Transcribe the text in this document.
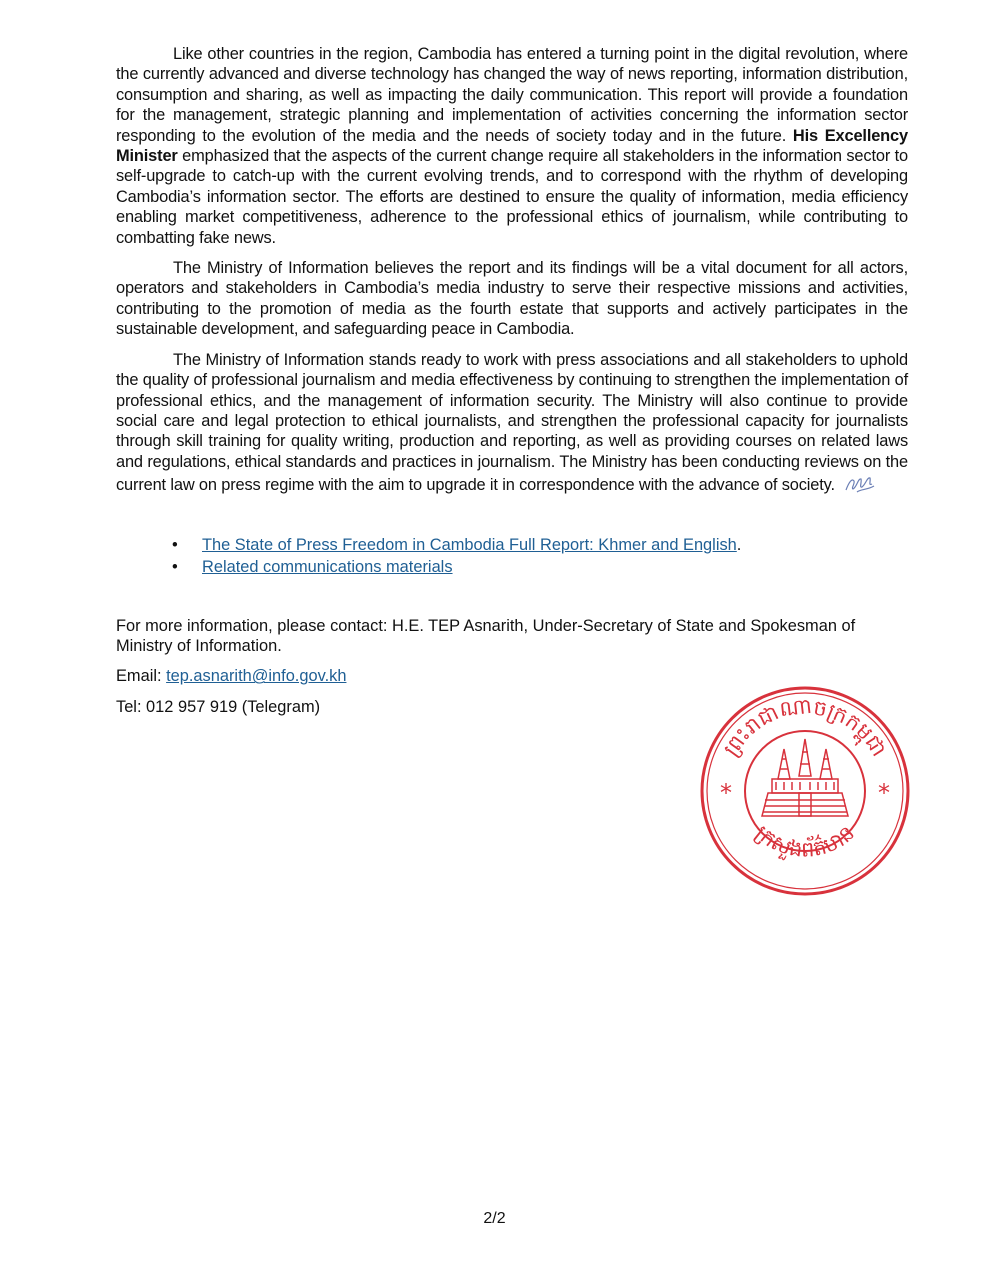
Like other countries in the region, Cambodia has entered a turning point in the digital revolution, where the currently advanced and diverse technology has changed the way of news reporting, information distribution, consumption and sharing, as well as impacting the daily communication. This report will provide a foundation for the management, strategic planning and implementation of activities concerning the information sector responding to the evolution of the media and the needs of society today and in the future. His Excellency Minister emphasized that the aspects of the current change require all stakeholders in the information sector to self-upgrade to catch-up with the current evolving trends, and to correspond with the rhythm of developing Cambodia’s information sector. The efforts are destined to ensure the quality of information, media efficiency enabling market competitiveness, adherence to the professional ethics of journalism, while contributing to combatting fake news.

The Ministry of Information believes the report and its findings will be a vital document for all actors, operators and stakeholders in Cambodia’s media industry to serve their respective missions and activities, contributing to the promotion of media as the fourth estate that supports and actively participates in the sustainable development, and safeguarding peace in Cambodia.

The Ministry of Information stands ready to work with press associations and all stakeholders to uphold the quality of professional journalism and media effectiveness by continuing to strengthen the implementation of professional ethics, and the management of information security. The Ministry will also continue to provide social care and legal protection to ethical journalists, and strengthen the professional capacity for journalists through skill training for quality writing, production and reporting, as well as providing courses on related laws and regulations, ethical standards and practices in journalism. The Ministry has been conducting reviews on the current law on press regime with the aim to upgrade it in correspondence with the advance of society.

• The State of Press Freedom in Cambodia Full Report: Khmer and English.
• Related communications materials

For more information, please contact: H.E. TEP Asnarith, Under-Secretary of State and Spokesman of Ministry of Information.

Email: tep.asnarith@info.gov.kh

Tel: 012 957 919 (Telegram)

ព្រះរាជាណាចក្រកម្ពុជា
ក្រសួងព័ត៌មាន
*	*
2/2
